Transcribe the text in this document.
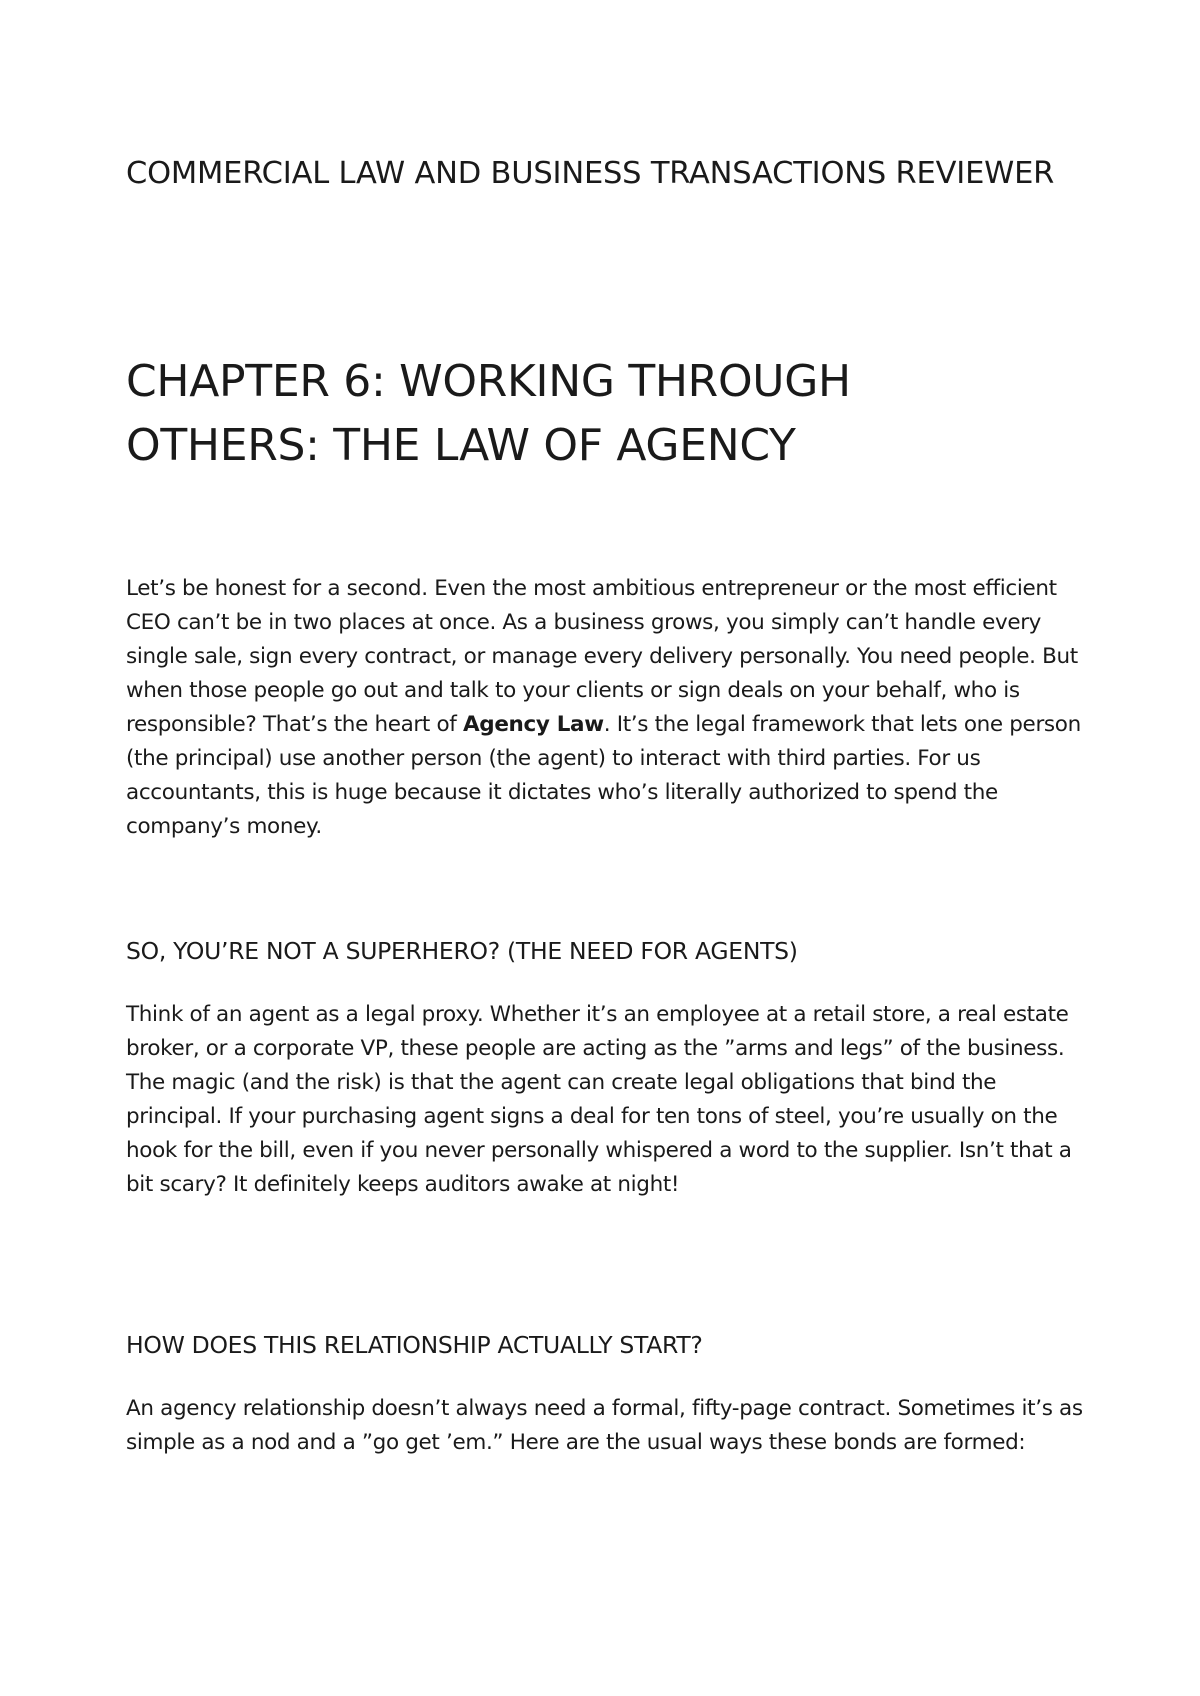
COMMERCIAL LAW AND BUSINESS TRANSACTIONS REVIEWER
CHAPTER 6: WORKING THROUGH OTHERS: THE LAW OF AGENCY

Let’s be honest for a second. Even the most ambitious entrepreneur or the most efficient CEO can’t be in two places at once. As a business grows, you simply can’t handle every single sale, sign every contract, or manage every delivery personally. You need people. But when those people go out and talk to your clients or sign deals on your behalf, who is responsible? That’s the heart of Agency Law. It’s the legal framework that lets one person (the principal) use another person (the agent) to interact with third parties. For us accountants, this is huge because it dictates who’s literally authorized to spend the company’s money.

SO, YOU’RE NOT A SUPERHERO? (THE NEED FOR AGENTS)

Think of an agent as a legal proxy. Whether it’s an employee at a retail store, a real estate broker, or a corporate VP, these people are acting as the ”arms and legs” of the business. The magic (and the risk) is that the agent can create legal obligations that bind the principal. If your purchasing agent signs a deal for ten tons of steel, you’re usually on the hook for the bill, even if you never personally whispered a word to the supplier. Isn’t that a bit scary? It definitely keeps auditors awake at night!

HOW DOES THIS RELATIONSHIP ACTUALLY START?

An agency relationship doesn’t always need a formal, fifty-page contract. Sometimes it’s as simple as a nod and a ”go get ’em.” Here are the usual ways these bonds are formed:
